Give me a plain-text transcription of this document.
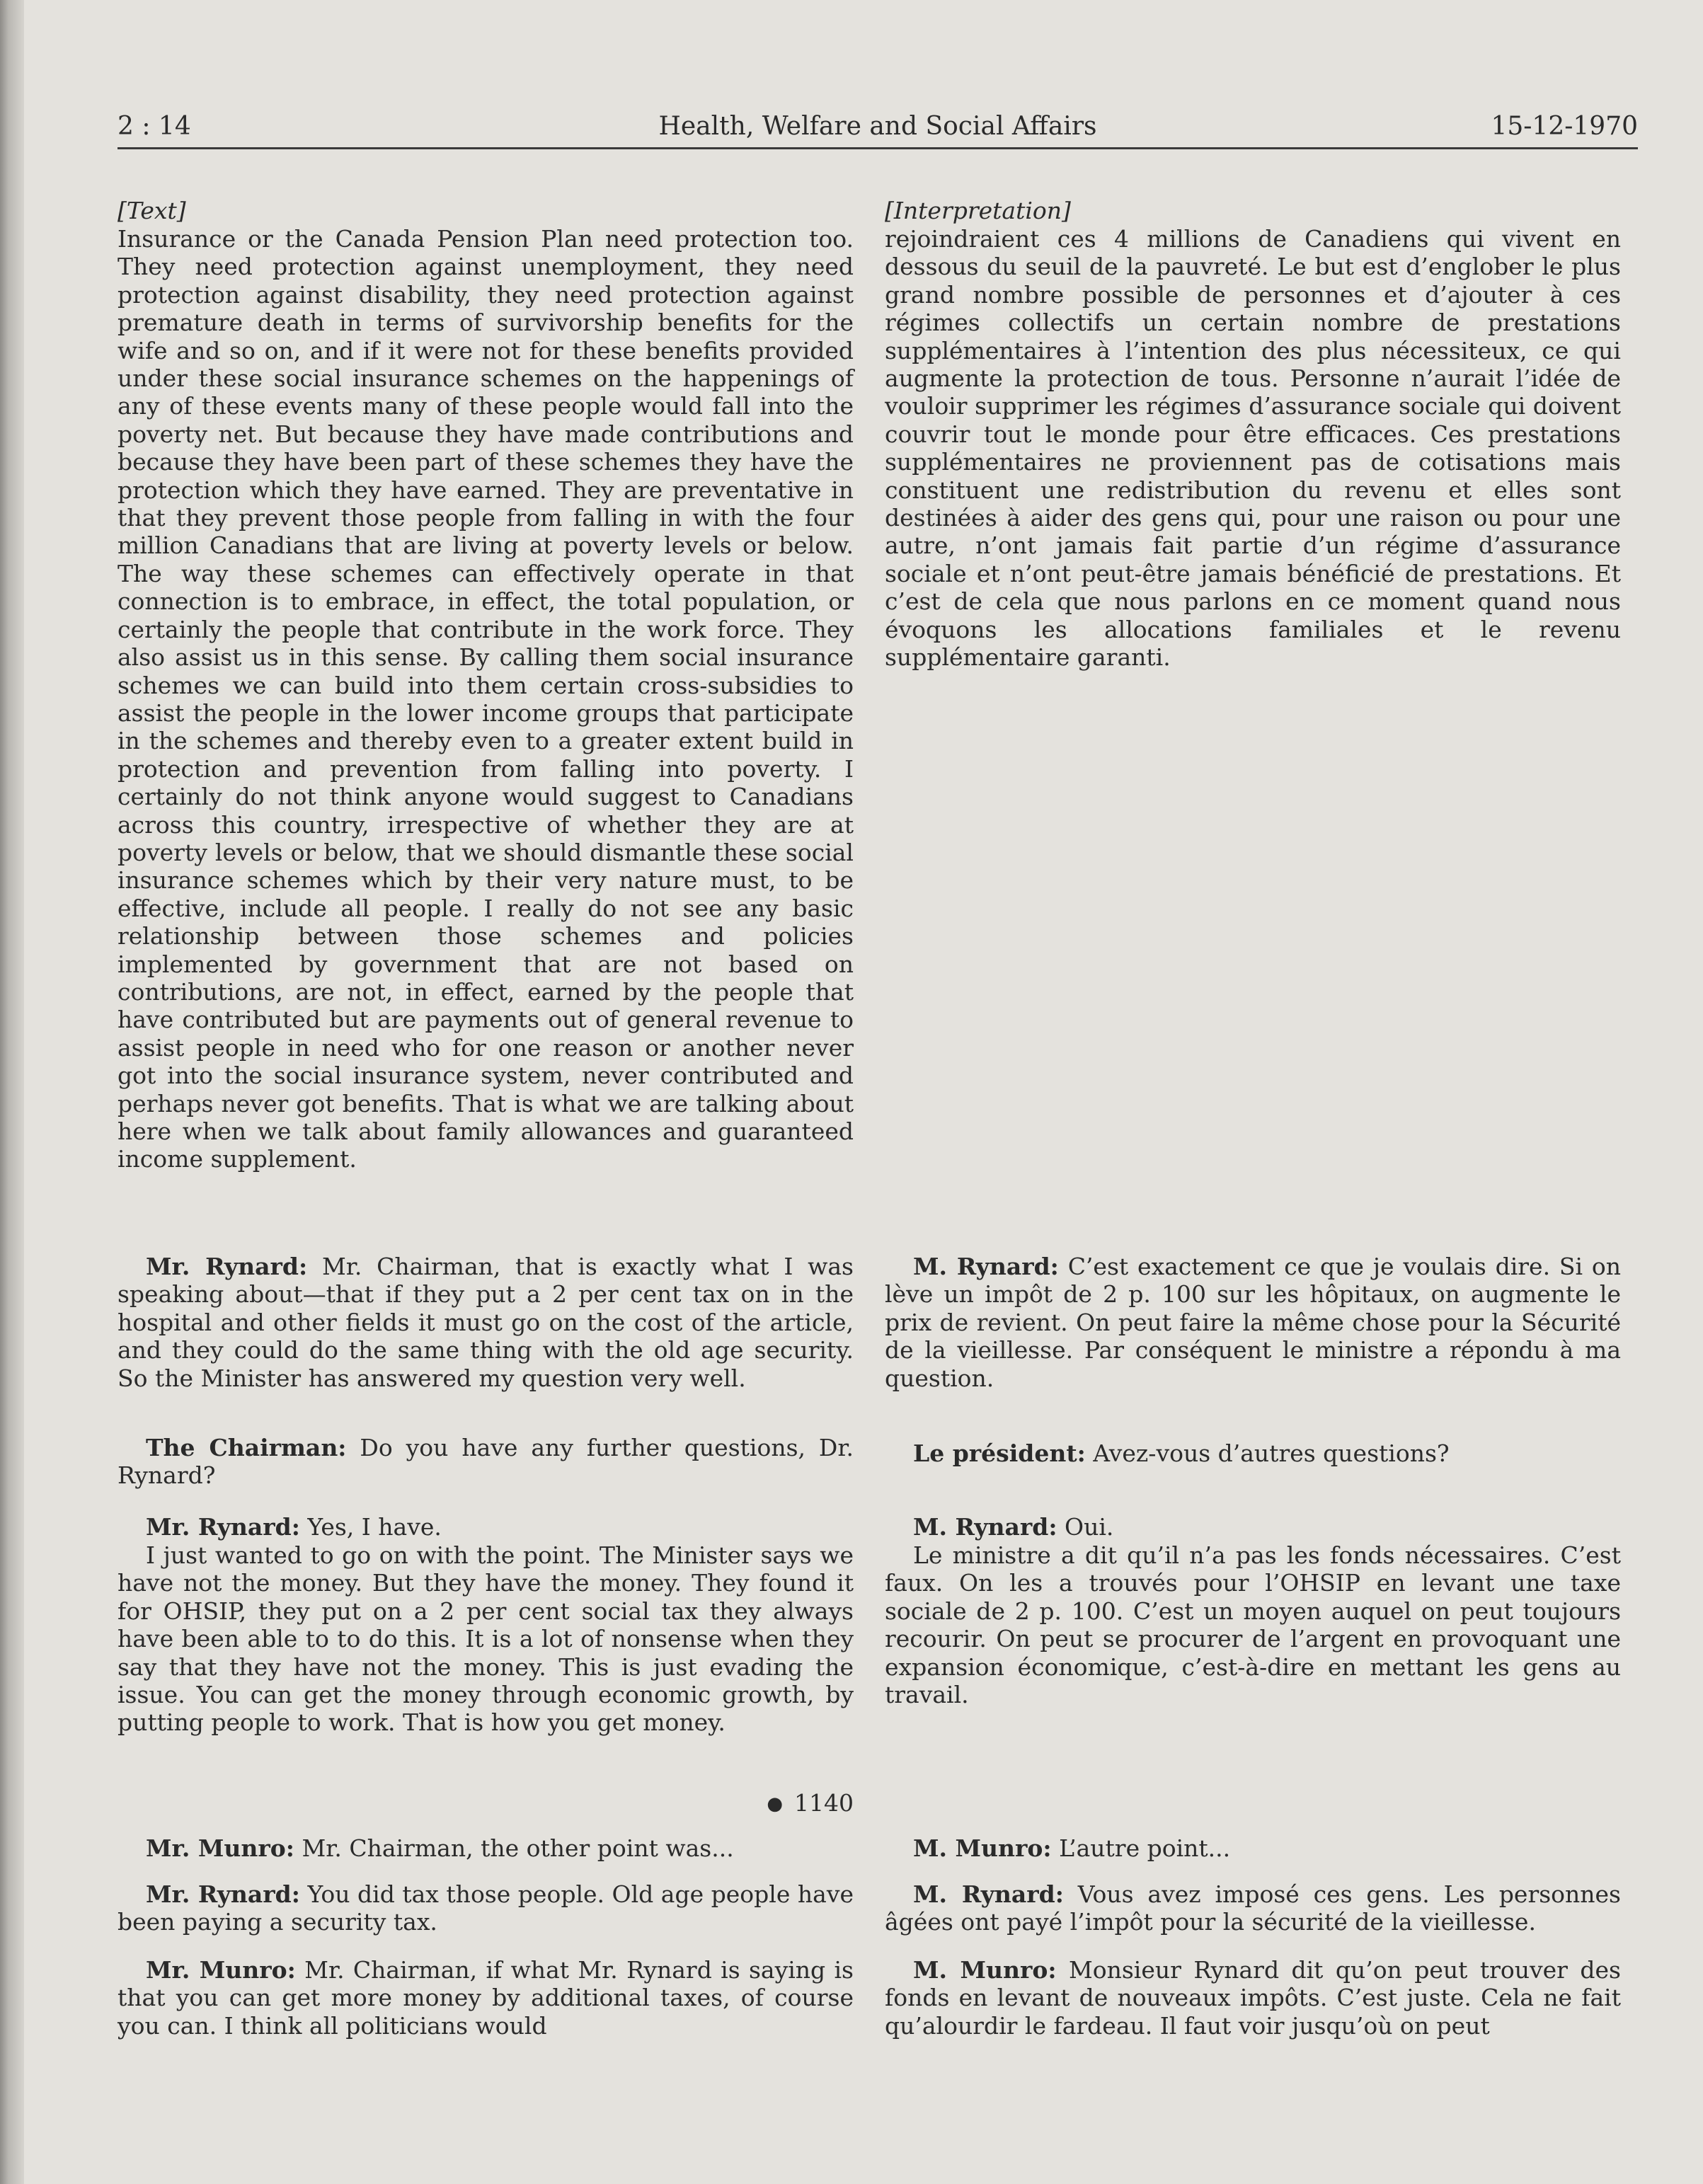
2 : 14	Health, Welfare and Social Affairs	15-12-1970

[Text]

Insurance or the Canada Pension Plan need protection too. They need protection against unemployment, they need protection against disability, they need protection against premature death in terms of survivorship benefits for the wife and so on, and if it were not for these benefits provided under these social insurance schemes on the happenings of any of these events many of these people would fall into the poverty net. But because they have made contributions and because they have been part of these schemes they have the protection which they have earned. They are preventative in that they prevent those people from falling in with the four million Canadians that are living at poverty levels or below. The way these schemes can effectively operate in that connection is to embrace, in effect, the total population, or certainly the people that contribute in the work force. They also assist us in this sense. By calling them social insurance schemes we can build into them certain cross-subsidies to assist the people in the lower income groups that participate in the schemes and thereby even to a greater extent build in protection and prevention from falling into poverty. I certainly do not think anyone would suggest to Canadians across this country, irrespective of whether they are at poverty levels or below, that we should dismantle these social insurance schemes which by their very nature must, to be effective, include all people. I really do not see any basic relationship between those schemes and policies implemented by government that are not based on contributions, are not, in effect, earned by the people that have contributed but are payments out of general revenue to assist people in need who for one reason or another never got into the social insurance system, never contributed and perhaps never got benefits. That is what we are talking about here when we talk about family allowances and guaranteed income supplement.

Mr. Rynard: Mr. Chairman, that is exactly what I was speaking about—that if they put a 2 per cent tax on in the hospital and other fields it must go on the cost of the article, and they could do the same thing with the old age security. So the Minister has answered my question very well.

The Chairman: Do you have any further questions, Dr. Rynard?

Mr. Rynard: Yes, I have.

I just wanted to go on with the point. The Minister says we have not the money. But they have the money. They found it for OHSIP, they put on a 2 per cent social tax they always have been able to to do this. It is a lot of nonsense when they say that they have not the money. This is just evading the issue. You can get the money through economic growth, by putting people to work. That is how you get money.

● 1140

Mr. Munro: Mr. Chairman, the other point was...

Mr. Rynard: You did tax those people. Old age people have been paying a security tax.

Mr. Munro: Mr. Chairman, if what Mr. Rynard is saying is that you can get more money by additional taxes, of course you can. I think all politicians would

[Interpretation]

rejoindraient ces 4 millions de Canadiens qui vivent en dessous du seuil de la pauvreté. Le but est d’englober le plus grand nombre possible de personnes et d’ajouter à ces régimes collectifs un certain nombre de prestations supplémentaires à l’intention des plus nécessiteux, ce qui augmente la protection de tous. Personne n’aurait l’idée de vouloir supprimer les régimes d’assurance sociale qui doivent couvrir tout le monde pour être efficaces. Ces prestations supplémentaires ne proviennent pas de cotisations mais constituent une redistribution du revenu et elles sont destinées à aider des gens qui, pour une raison ou pour une autre, n’ont jamais fait partie d’un régime d’assurance sociale et n’ont peut-être jamais bénéficié de prestations. Et c’est de cela que nous parlons en ce moment quand nous évoquons les allocations familiales et le revenu supplémentaire garanti.

M. Rynard: C’est exactement ce que je voulais dire. Si on lève un impôt de 2 p. 100 sur les hôpitaux, on augmente le prix de revient. On peut faire la même chose pour la Sécurité de la vieillesse. Par conséquent le ministre a répondu à ma question.

Le président: Avez-vous d’autres questions?

M. Rynard: Oui.

Le ministre a dit qu’il n’a pas les fonds nécessaires. C’est faux. On les a trouvés pour l’OHSIP en levant une taxe sociale de 2 p. 100. C’est un moyen auquel on peut toujours recourir. On peut se procurer de l’argent en provoquant une expansion économique, c’est-à-dire en mettant les gens au travail.

M. Munro: L’autre point...

M. Rynard: Vous avez imposé ces gens. Les personnes âgées ont payé l’impôt pour la sécurité de la vieillesse.

M. Munro: Monsieur Rynard dit qu’on peut trouver des fonds en levant de nouveaux impôts. C’est juste. Cela ne fait qu’alourdir le fardeau. Il faut voir jusqu’où on peut
